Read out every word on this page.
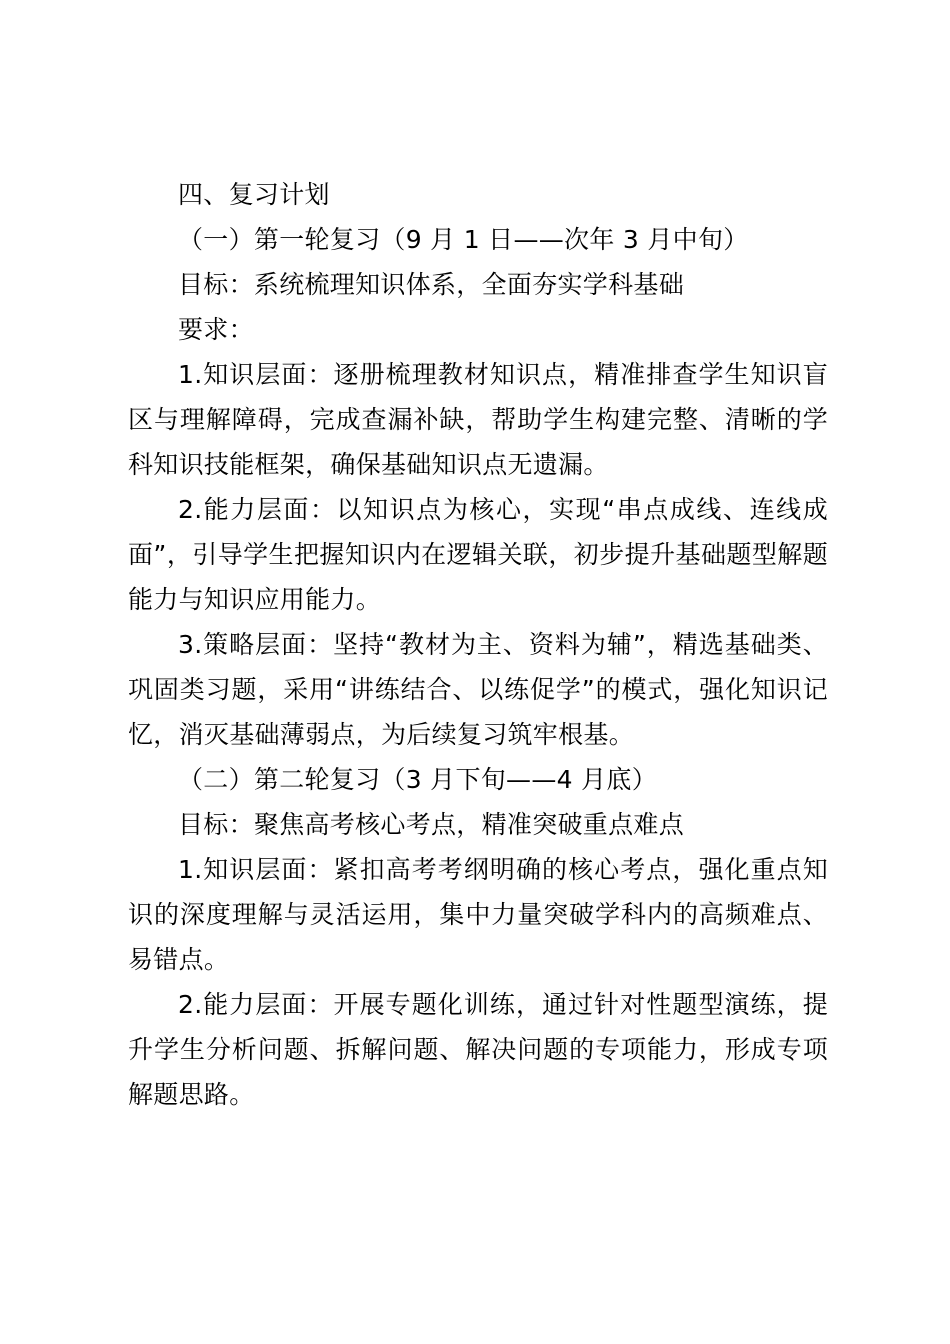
四、复习计划

（一）第一轮复习（9 月 1 日——次年 3 月中旬）

目标：系统梳理知识体系，全面夯实学科基础

要求：

1.知识层面：逐册梳理教材知识点，精准排查学生知识盲区与理解障碍，完成查漏补缺，帮助学生构建完整、清晰的学科知识技能框架，确保基础知识点无遗漏。

2.能力层面：以知识点为核心，实现“串点成线、连线成面”，引导学生把握知识内在逻辑关联，初步提升基础题型解题能力与知识应用能力。

3.策略层面：坚持“教材为主、资料为辅”，精选基础类、巩固类习题，采用“讲练结合、以练促学”的模式，强化知识记忆，消灭基础薄弱点，为后续复习筑牢根基。

（二）第二轮复习（3 月下旬——4 月底）

目标：聚焦高考核心考点，精准突破重点难点

1.知识层面：紧扣高考考纲明确的核心考点，强化重点知识的深度理解与灵活运用，集中力量突破学科内的高频难点、易错点。

2.能力层面：开展专题化训练，通过针对性题型演练，提升学生分析问题、拆解问题、解决问题的专项能力，形成专项解题思路。
